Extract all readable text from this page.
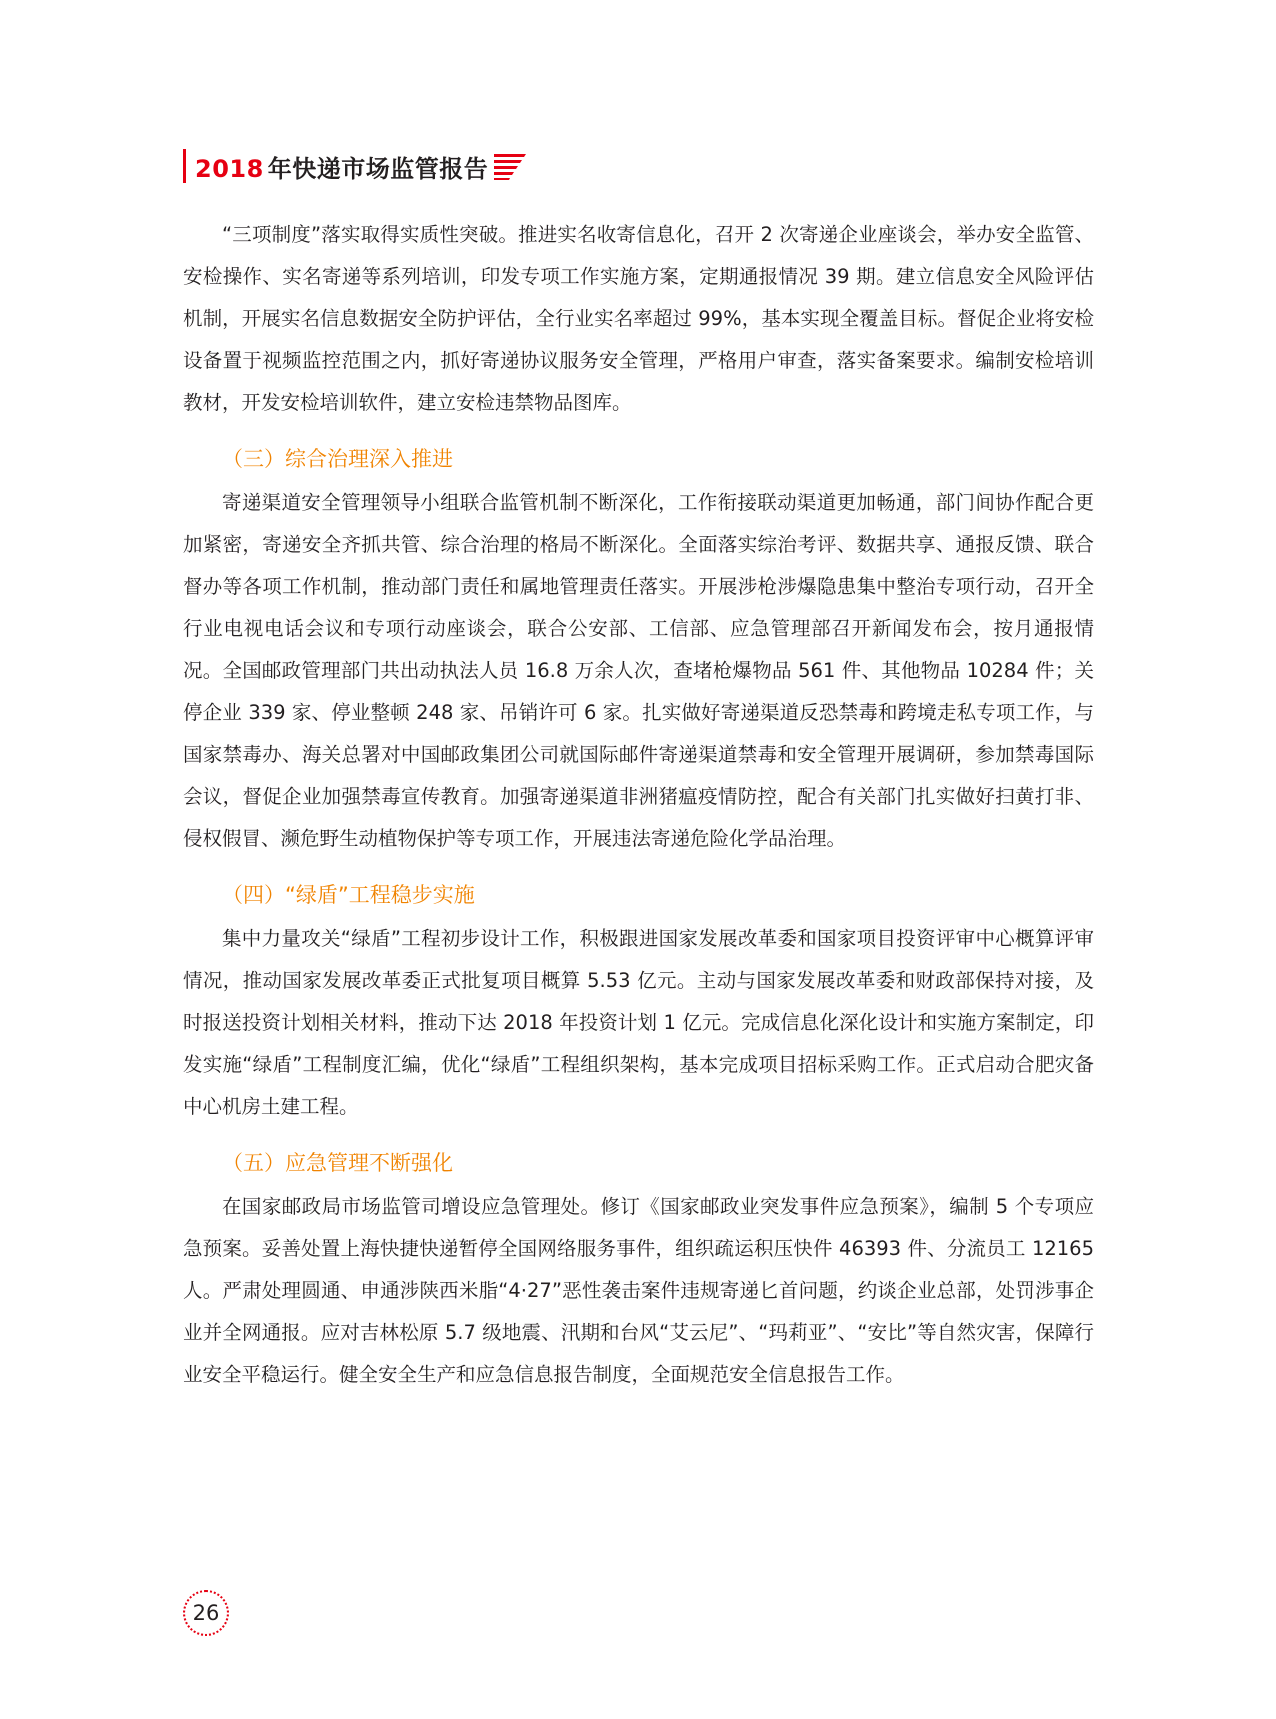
2018 年快递市场监管报告

“三项制度”落实取得实质性突破。推进实名收寄信息化，召开 2 次寄递企业座谈会，举办安全监管、安检操作、实名寄递等系列培训，印发专项工作实施方案，定期通报情况 39 期。建立信息安全风险评估机制，开展实名信息数据安全防护评估，全行业实名率超过 99%，基本实现全覆盖目标。督促企业将安检设备置于视频监控范围之内，抓好寄递协议服务安全管理，严格用户审查，落实备案要求。编制安检培训教材，开发安检培训软件，建立安检违禁物品图库。

（三）综合治理深入推进

寄递渠道安全管理领导小组联合监管机制不断深化，工作衔接联动渠道更加畅通，部门间协作配合更加紧密，寄递安全齐抓共管、综合治理的格局不断深化。全面落实综治考评、数据共享、通报反馈、联合督办等各项工作机制，推动部门责任和属地管理责任落实。开展涉枪涉爆隐患集中整治专项行动，召开全行业电视电话会议和专项行动座谈会，联合公安部、工信部、应急管理部召开新闻发布会，按月通报情况。全国邮政管理部门共出动执法人员 16.8 万余人次，查堵枪爆物品 561 件、其他物品 10284 件；关停企业 339 家、停业整顿 248 家、吊销许可 6 家。扎实做好寄递渠道反恐禁毒和跨境走私专项工作，与国家禁毒办、海关总署对中国邮政集团公司就国际邮件寄递渠道禁毒和安全管理开展调研，参加禁毒国际会议，督促企业加强禁毒宣传教育。加强寄递渠道非洲猪瘟疫情防控，配合有关部门扎实做好扫黄打非、侵权假冒、濒危野生动植物保护等专项工作，开展违法寄递危险化学品治理。

（四）“绿盾”工程稳步实施

集中力量攻关“绿盾”工程初步设计工作，积极跟进国家发展改革委和国家项目投资评审中心概算评审情况，推动国家发展改革委正式批复项目概算 5.53 亿元。主动与国家发展改革委和财政部保持对接，及时报送投资计划相关材料，推动下达 2018 年投资计划 1 亿元。完成信息化深化设计和实施方案制定，印发实施“绿盾”工程制度汇编，优化“绿盾”工程组织架构，基本完成项目招标采购工作。正式启动合肥灾备中心机房土建工程。

（五）应急管理不断强化

在国家邮政局市场监管司增设应急管理处。修订《国家邮政业突发事件应急预案》，编制 5 个专项应急预案。妥善处置上海快捷快递暂停全国网络服务事件，组织疏运积压快件 46393 件、分流员工 12165 人。严肃处理圆通、申通涉陕西米脂“4·27”恶性袭击案件违规寄递匕首问题，约谈企业总部，处罚涉事企业并全网通报。应对吉林松原 5.7 级地震、汛期和台风“艾云尼”、“玛莉亚”、“安比”等自然灾害，保障行业安全平稳运行。健全安全生产和应急信息报告制度，全面规范安全信息报告工作。

26
